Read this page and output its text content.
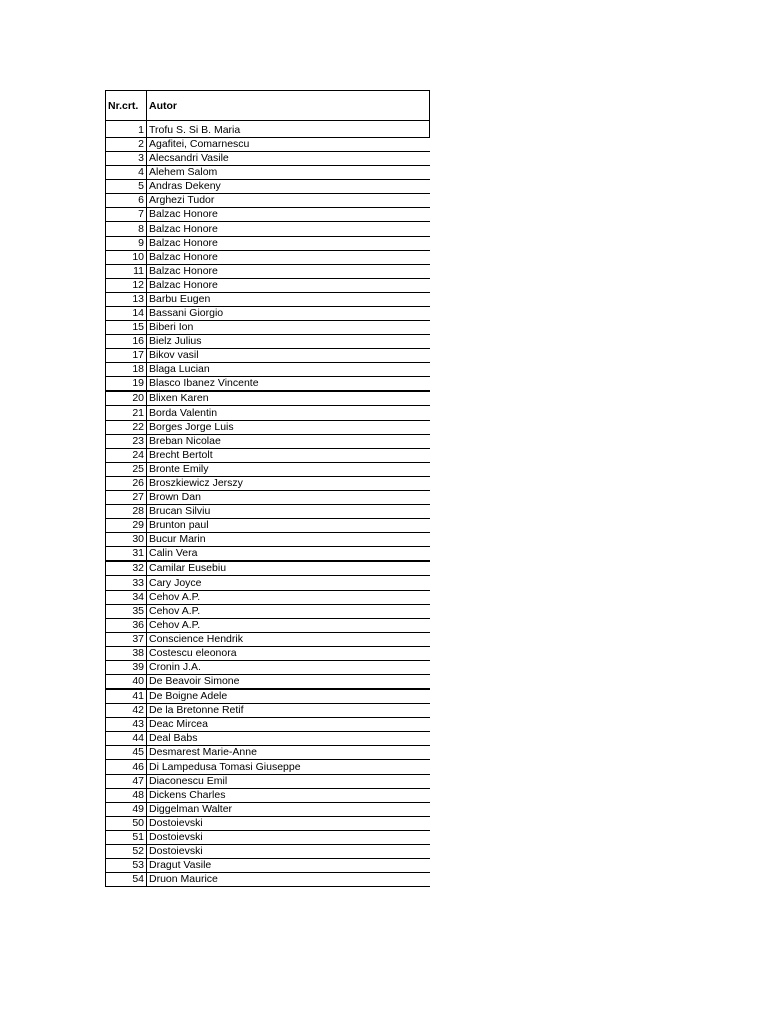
Nr.crt.	Autor
1	Trofu S. Si B. Maria
2	Agafitei, Comarnescu
3	Alecsandri Vasile
4	Alehem Salom
5	Andras Dekeny
6	Arghezi Tudor
7	Balzac Honore
8	Balzac Honore
9	Balzac Honore
10	Balzac Honore
11	Balzac Honore
12	Balzac Honore
13	Barbu Eugen
14	Bassani Giorgio
15	Biberi Ion
16	Bielz Julius
17	Bikov vasil
18	Blaga Lucian
19	Blasco Ibanez Vincente
20	Blixen Karen
21	Borda Valentin
22	Borges Jorge Luis
23	Breban Nicolae
24	Brecht Bertolt
25	Bronte Emily
26	Broszkiewicz Jerszy
27	Brown Dan
28	Brucan Silviu
29	Brunton paul
30	Bucur Marin
31	Calin Vera
32	Camilar Eusebiu
33	Cary Joyce
34	Cehov A.P.
35	Cehov A.P.
36	Cehov A.P.
37	Conscience Hendrik
38	Costescu eleonora
39	Cronin J.A.
40	De Beavoir Simone
41	De Boigne Adele
42	De la Bretonne Retif
43	Deac Mircea
44	Deal Babs
45	Desmarest Marie-Anne
46	Di Lampedusa Tomasi Giuseppe
47	Diaconescu Emil
48	Dickens Charles
49	Diggelman Walter
50	Dostoievski
51	Dostoievski
52	Dostoievski
53	Dragut Vasile
54	Druon Maurice
